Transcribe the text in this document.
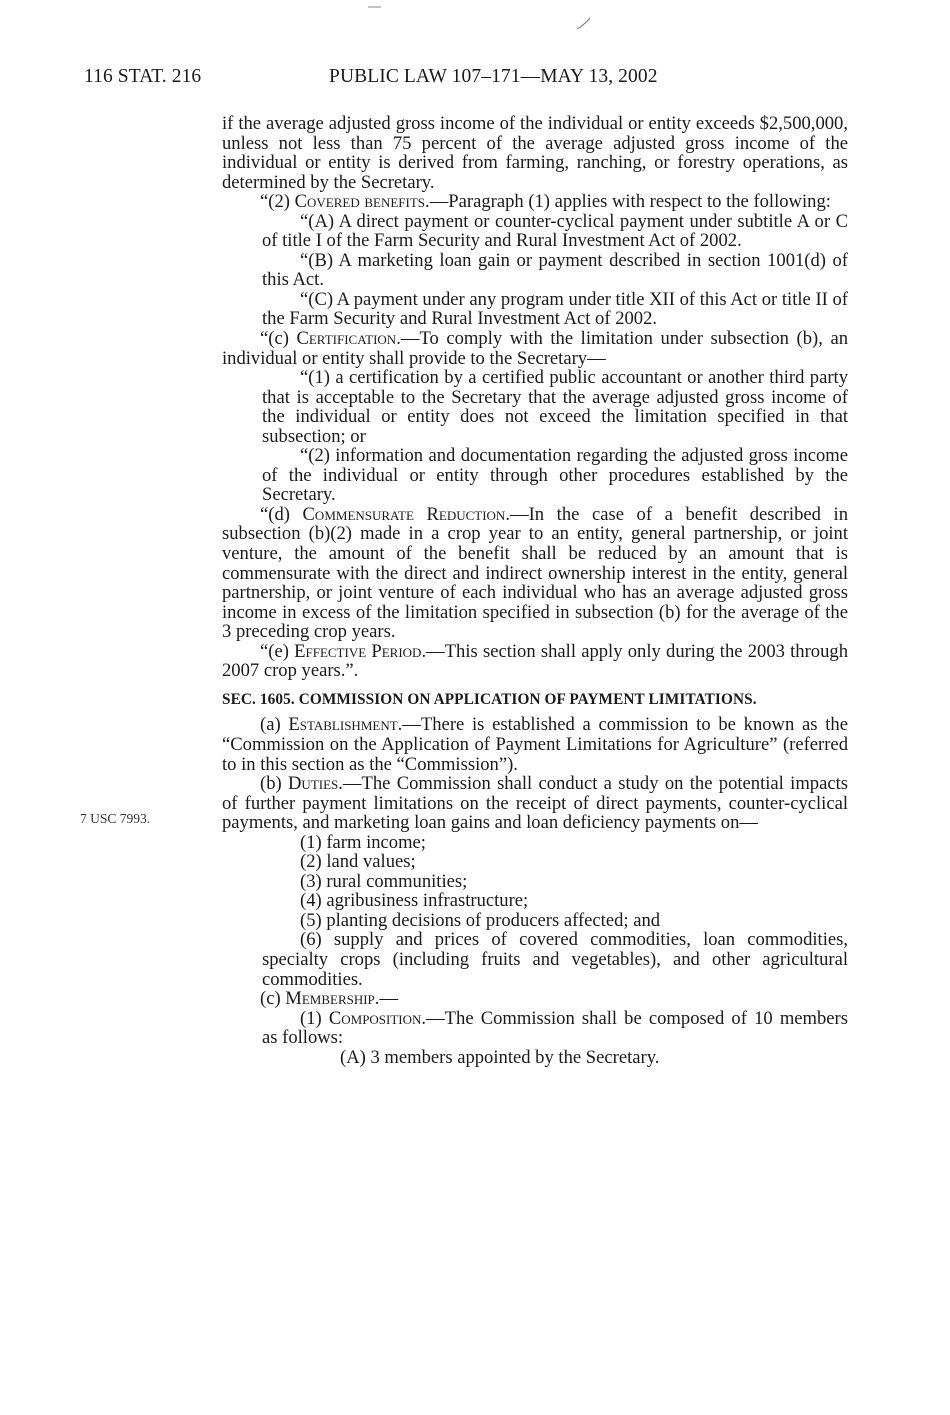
116 STAT. 216	PUBLIC LAW 107–171—MAY 13, 2002
7 USC 7993.

if the average adjusted gross income of the individual or entity exceeds $2,500,000, unless not less than 75 percent of the average adjusted gross income of the individual or entity is derived from farming, ranching, or forestry operations, as determined by the Secretary.

“(2) Covered benefits.—Paragraph (1) applies with respect to the following:

“(A) A direct payment or counter-cyclical payment under subtitle A or C of title I of the Farm Security and Rural Investment Act of 2002.

“(B) A marketing loan gain or payment described in section 1001(d) of this Act.

“(C) A payment under any program under title XII of this Act or title II of the Farm Security and Rural Investment Act of 2002.

“(c) Certification.—To comply with the limitation under subsection (b), an individual or entity shall provide to the Secretary—

“(1) a certification by a certified public accountant or another third party that is acceptable to the Secretary that the average adjusted gross income of the individual or entity does not exceed the limitation specified in that subsection; or

“(2) information and documentation regarding the adjusted gross income of the individual or entity through other procedures established by the Secretary.

“(d) Commensurate Reduction.—In the case of a benefit described in subsection (b)(2) made in a crop year to an entity, general partnership, or joint venture, the amount of the benefit shall be reduced by an amount that is commensurate with the direct and indirect ownership interest in the entity, general partnership, or joint venture of each individual who has an average adjusted gross income in excess of the limitation specified in subsection (b) for the average of the 3 preceding crop years.

“(e) Effective Period.—This section shall apply only during the 2003 through 2007 crop years.”.

SEC. 1605. COMMISSION ON APPLICATION OF PAYMENT LIMITATIONS.

(a) Establishment.—There is established a commission to be known as the “Commission on the Application of Payment Limitations for Agriculture” (referred to in this section as the “Commission”).

(b) Duties.—The Commission shall conduct a study on the potential impacts of further payment limitations on the receipt of direct payments, counter-cyclical payments, and marketing loan gains and loan deficiency payments on—

(1) farm income;

(2) land values;

(3) rural communities;

(4) agribusiness infrastructure;

(5) planting decisions of producers affected; and

(6) supply and prices of covered commodities, loan commodities, specialty crops (including fruits and vegetables), and other agricultural commodities.

(c) Membership.—

(1) Composition.—The Commission shall be composed of 10 members as follows:

(A) 3 members appointed by the Secretary.
